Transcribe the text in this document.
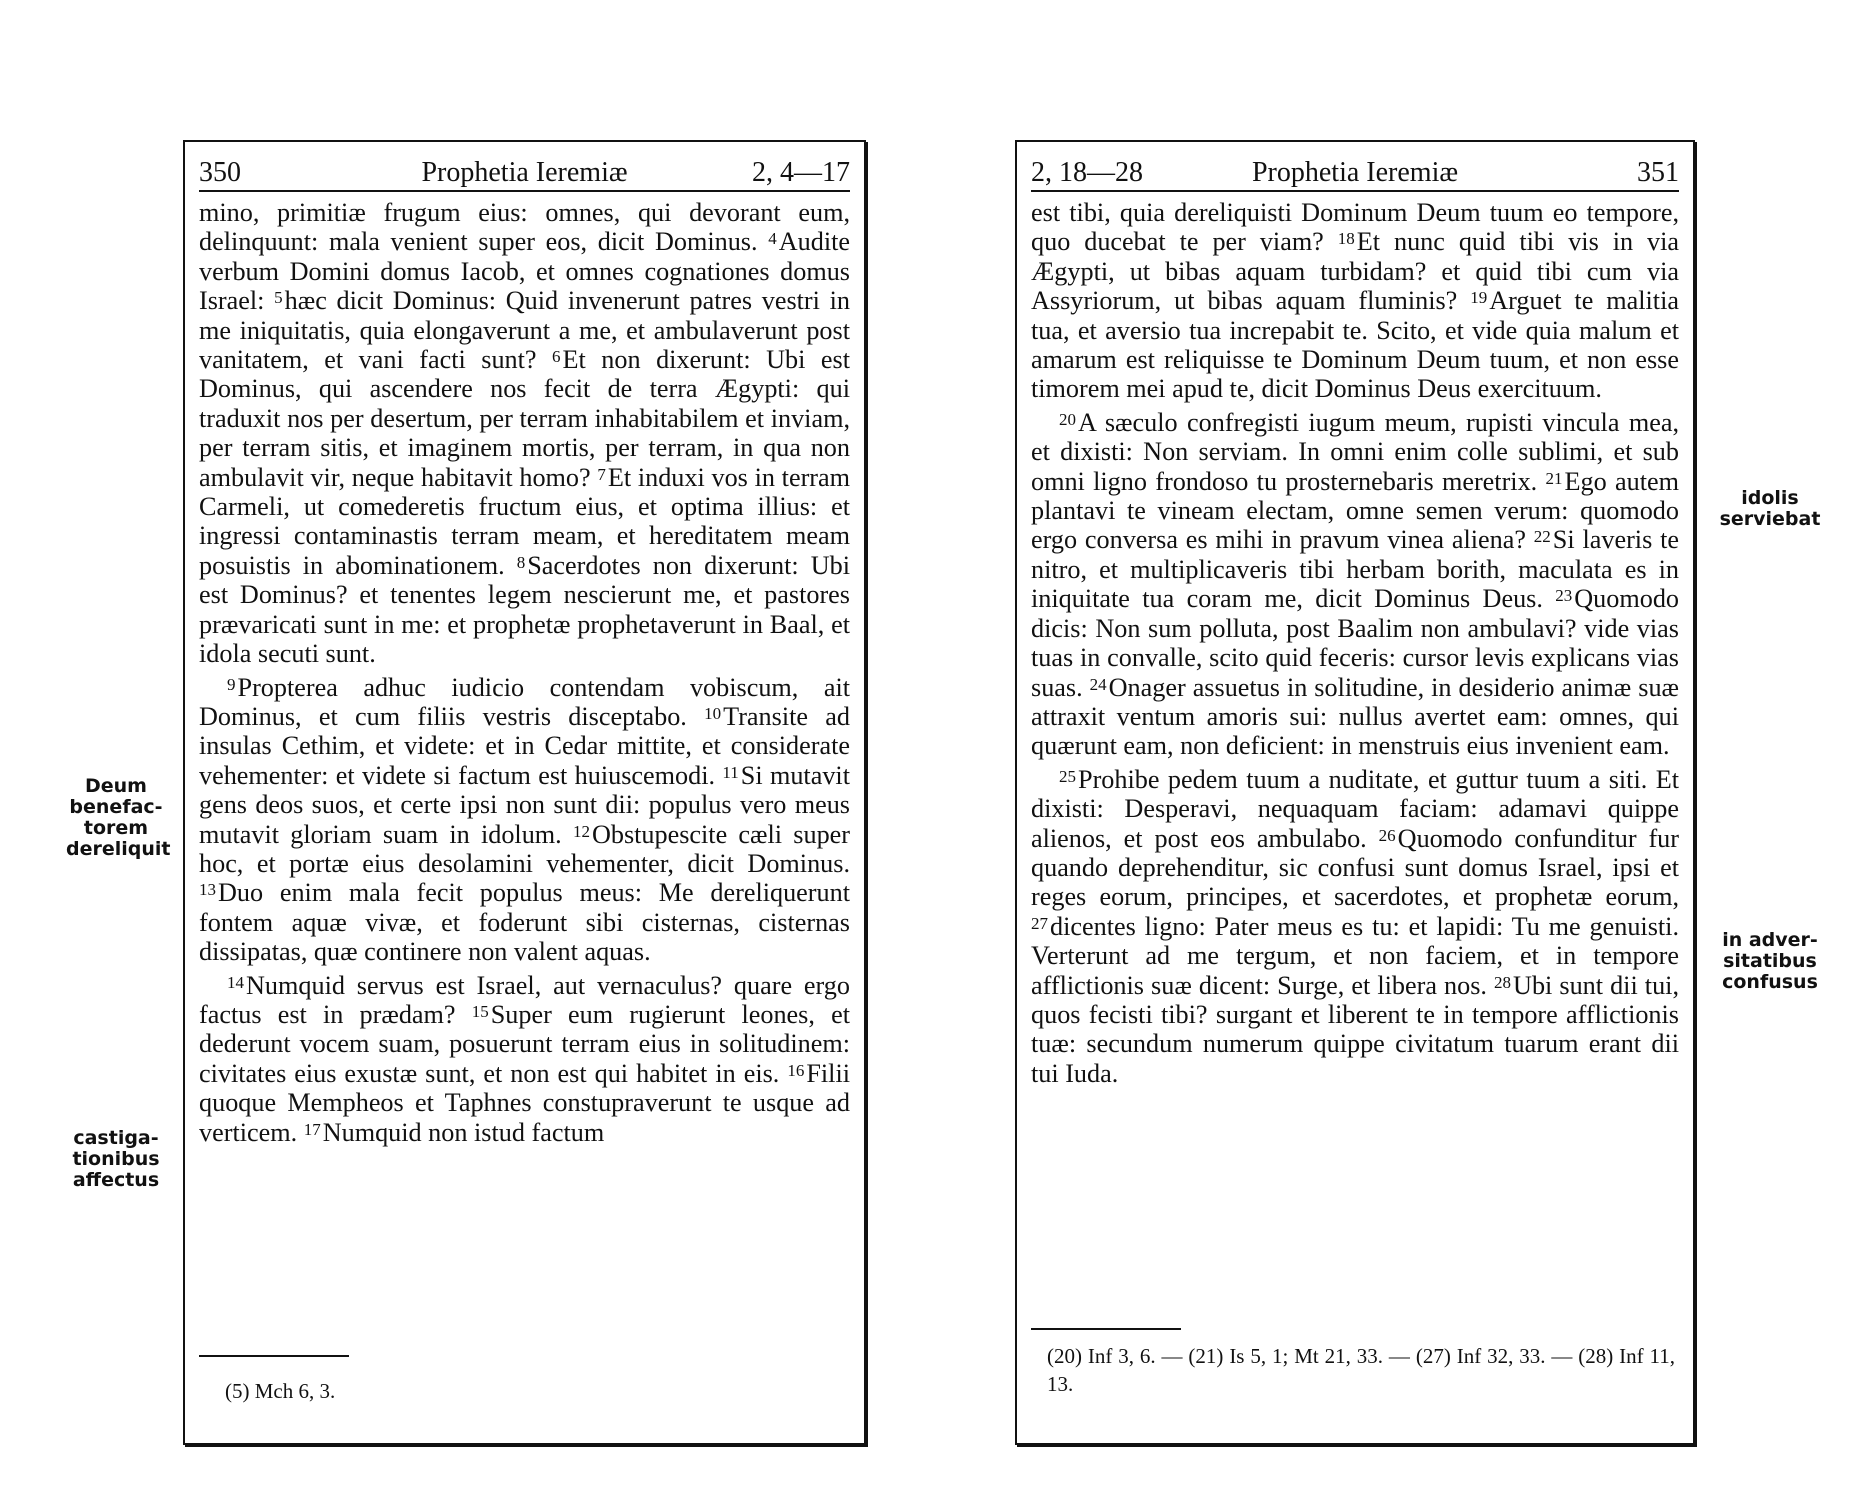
350	Prophetia Ieremiæ	2, 4—17

mino, primitiæ frugum eius: omnes, qui devorant eum, delinquunt: mala venient super eos, dicit Dominus. $^4$Audite verbum Domini domus Iacob, et omnes cognationes domus Israel: $^5$hæc dicit Dominus: Quid invenerunt patres vestri in me iniquitatis, quia elongaverunt a me, et ambulaverunt post vanitatem, et vani facti sunt? $^6$Et non dixerunt: Ubi est Dominus, qui ascendere nos fecit de terra Ægypti: qui traduxit nos per desertum, per terram inhabitabilem et inviam, per terram sitis, et imaginem mortis, per terram, in qua non ambulavit vir, neque habitavit homo? $^7$Et induxi vos in terram Carmeli, ut comederetis fructum eius, et optima illius: et ingressi contaminastis terram meam, et hereditatem meam posuistis in abominationem. $^8$Sacerdotes non dixerunt: Ubi est Dominus? et tenentes legem nescierunt me, et pastores prævaricati sunt in me: et prophetæ prophetaverunt in Baal, et idola secuti sunt.

$^9$Propterea adhuc iudicio contendam vobiscum, ait Dominus, et cum filiis vestris disceptabo. $^{10}$Transite ad insulas Cethim, et videte: et in Cedar mittite, et considerate vehementer: et videte si factum est huiuscemodi. $^{11}$Si mutavit gens deos suos, et certe ipsi non sunt dii: populus vero meus mutavit gloriam suam in idolum. $^{12}$Obstupescite cæli super hoc, et portæ eius desolamini vehementer, dicit Dominus. $^{13}$Duo enim mala fecit populus meus: Me dereliquerunt fontem aquæ vivæ, et foderunt sibi cisternas, cisternas dissipatas, quæ continere non valent aquas.

$^{14}$Numquid servus est Israel, aut vernaculus? quare ergo factus est in prædam? $^{15}$Super eum rugierunt leones, et dederunt vocem suam, posuerunt terram eius in solitudinem: civitates eius exustæ sunt, et non est qui habitet in eis. $^{16}$Filii quoque Mempheos et Taphnes constupraverunt te usque ad verticem. $^{17}$Numquid non istud factum

(5) Mch 6, 3.
2, 18—28	Prophetia Ieremiæ	351

est tibi, quia dereliquisti Dominum Deum tuum eo tempore, quo ducebat te per viam? $^{18}$Et nunc quid tibi vis in via Ægypti, ut bibas aquam turbidam? et quid tibi cum via Assyriorum, ut bibas aquam fluminis? $^{19}$Arguet te malitia tua, et aversio tua increpabit te. Scito, et vide quia malum et amarum est reliquisse te Dominum Deum tuum, et non esse timorem mei apud te, dicit Dominus Deus exercituum.

$^{20}$A sæculo confregisti iugum meum, rupisti vincula mea, et dixisti: Non serviam. In omni enim colle sublimi, et sub omni ligno frondoso tu prosternebaris meretrix. $^{21}$Ego autem plantavi te vineam electam, omne semen verum: quomodo ergo conversa es mihi in pravum vinea aliena? $^{22}$Si laveris te nitro, et multiplicaveris tibi herbam borith, maculata es in iniquitate tua coram me, dicit Dominus Deus. $^{23}$Quomodo dicis: Non sum polluta, post Baalim non ambulavi? vide vias tuas in convalle, scito quid feceris: cursor levis explicans vias suas. $^{24}$Onager assuetus in solitudine, in desiderio animæ suæ attraxit ventum amoris sui: nullus avertet eam: omnes, qui quærunt eam, non deficient: in menstruis eius invenient eam.

$^{25}$Prohibe pedem tuum a nuditate, et guttur tuum a siti. Et dixisti: Desperavi, nequaquam faciam: adamavi quippe alienos, et post eos ambulabo. $^{26}$Quomodo confunditur fur quando deprehenditur, sic confusi sunt domus Israel, ipsi et reges eorum, principes, et sacerdotes, et prophetæ eorum, $^{27}$dicentes ligno: Pater meus es tu: et lapidi: Tu me genuisti. Verterunt ad me tergum, et non faciem, et in tempore afflictionis suæ dicent: Surge, et libera nos. $^{28}$Ubi sunt dii tui, quos fecisti tibi? surgant et liberent te in tempore afflictionis tuæ: secundum numerum quippe civitatum tuarum erant dii tui Iuda.

(20) Inf 3, 6. — (21) Is 5, 1; Mt 21, 33. — (27) Inf 32, 33. — (28) Inf 11, 13.
Deum benefac-torem dereliquit
castiga-tionibus affectus
idolis serviebat
in adver-sitatibus confusus
